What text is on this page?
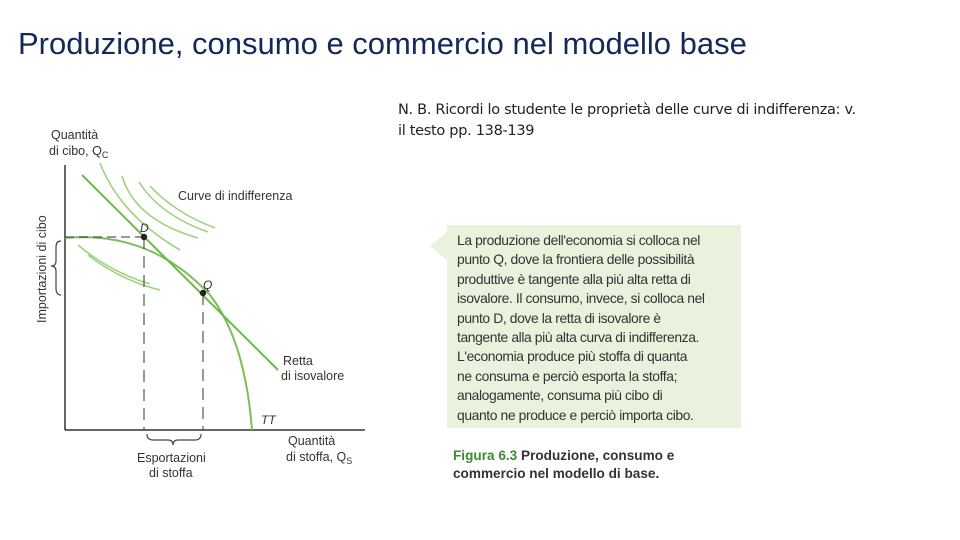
Produzione, consumo e commercio nel modello base
N. B. Ricordi lo studente le proprietà delle curve di indifferenza: v.
il testo pp. 138-139
Quantità
di cibo, $Q_C$
Curve di indifferenza
D
Q
Retta
di isovalore
TT
Quantità
di stoffa, $Q_S$
Esportazioni
di stoffa
Importazioni di cibo	La produzione dell'economia si colloca nel
punto Q, dove la frontiera delle possibilità
produttive è tangente alla più alta retta di
isovalore. Il consumo, invece, si colloca nel
punto D, dove la retta di isovalore è
tangente alla più alta curva di indifferenza.
L'economia produce più stoffa di quanta
ne consuma e perciò esporta la stoffa;
analogamente, consuma più cibo di
quanto ne produce e perciò importa cibo.
Figura 6.3 Produzione, consumo e
commercio nel modello di base.
